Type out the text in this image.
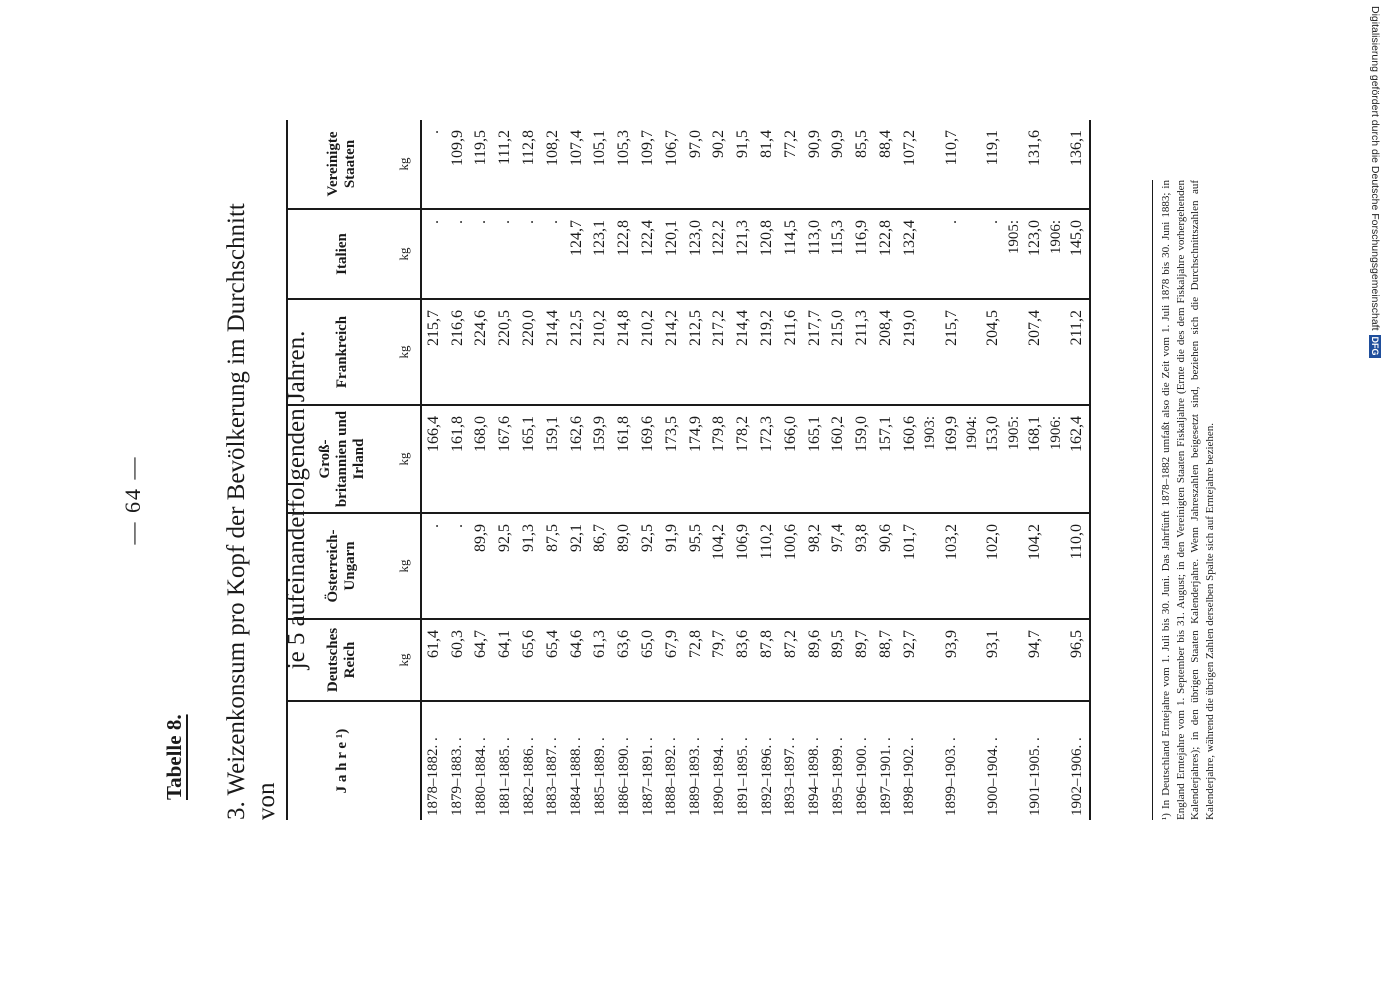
— 64 —
Tabelle 8. 3. Weizenkonsum pro Kopf der Bevölkerung im Durchschnitt von
je 5 aufeinanderfolgenden Jahren.
J a h r e ¹)	Deutsches Reich	Österreich-Ungarn	Groß-britannien und Irland	Frankreich	Italien	Vereinigte Staaten
	kg	kg	kg	kg	kg	kg
1878–1882. .	61,4	.	166,4	215,7	.	.
1879–1883. .	60,3	.	161,8	216,6	.	109,9
1880–1884. .	64,7	89,9	168,0	224,6	.	119,5
1881–1885. .	64,1	92,5	167,6	220,5	.	111,2
1882–1886. .	65,6	91,3	165,1	220,0	.	112,8
1883–1887. .	65,4	87,5	159,1	214,4	.	108,2
1884–1888. .	64,6	92,1	162,6	212,5	124,7	107,4
1885–1889. .	61,3	86,7	159,9	210,2	123,1	105,1
1886–1890. .	63,6	89,0	161,8	214,8	122,8	105,3
1887–1891. .	65,0	92,5	169,6	210,2	122,4	109,7
1888–1892. .	67,9	91,9	173,5	214,2	120,1	106,7
1889–1893. .	72,8	95,5	174,9	212,5	123,0	97,0
1890–1894. .	79,7	104,2	179,8	217,2	122,2	90,2
1891–1895. .	83,6	106,9	178,2	214,4	121,3	91,5
1892–1896. .	87,8	110,2	172,3	219,2	120,8	81,4
1893–1897. .	87,2	100,6	166,0	211,6	114,5	77,2
1894–1898. .	89,6	98,2	165,1	217,7	113,0	90,9
1895–1899. .	89,5	97,4	160,2	215,0	115,3	90,9
1896–1900. .	89,7	93,8	159,0	211,3	116,9	85,5
1897–1901. .	88,7	90,6	157,1	208,4	122,8	88,4
1898–1902. .	92,7	101,7	160,6	219,0	132,4	107,2
			1903:			
1899–1903. .	93,9	103,2	169,9	215,7	.	110,7
			1904:			
1900–1904. .	93,1	102,0	153,0	204,5	.	119,1
			1905:		1905:	
1901–1905. .	94,7	104,2	168,1	207,4	123,0	131,6
			1906:		1906:	
1902–1906. .	96,5	110,0	162,4	211,2	145,0	136,1
¹) In Deutschland Erntejahre vom 1. Juli bis 30. Juni. Das Jahrfünft 1878–1882 umfaßt also die Zeit vom 1. Juli 1878 bis 30. Juni 1883; in England Erntejahre vom 1. September bis 31. August; in den Vereinigten Staaten Fiskaljahre (Ernte die des dem Fiskaljahre vorhergehenden Kalenderjahres); in den übrigen Staaten Kalenderjahre. Wenn Jahreszahlen beigesetzt sind, beziehen sich die Durchschnittszahlen auf Kalenderjahre, während die übrigen Zahlen derselben Spalte sich auf Erntejahre beziehen.
Digitalisierung gefördert durch die Deutsche Forschungsgemeinschaft
DFG
